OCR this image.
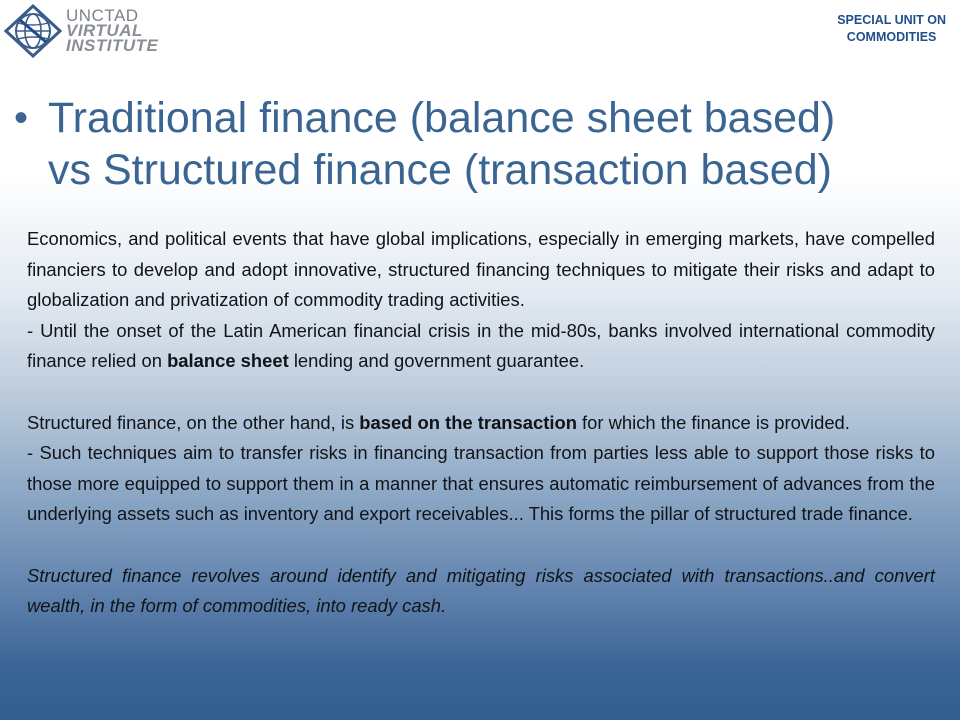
UNCTAD
VIRTUAL
INSTITUTE
SPECIAL UNIT ON
COMMODITIES
• Traditional finance (balance sheet based)
vs Structured finance (transaction based)

Economics, and political events that have global implications, especially in emerging markets, have compelled financiers to develop and adopt innovative, structured financing techniques to mitigate their risks and adapt to globalization and privatization of commodity trading activities.

- Until the onset of the Latin American financial crisis in the mid-80s, banks involved international commodity finance relied on balance sheet lending and government guarantee.

Structured finance, on the other hand, is based on the transaction for which the finance is provided.

- Such techniques aim to transfer risks in financing transaction from parties less able to support those risks to those more equipped to support them in a manner that ensures automatic reimbursement of advances from the underlying assets such as inventory and export receivables... This forms the pillar of structured trade finance.

Structured finance revolves around identify and mitigating risks associated with transactions..and convert wealth, in the form of commodities, into ready cash.
